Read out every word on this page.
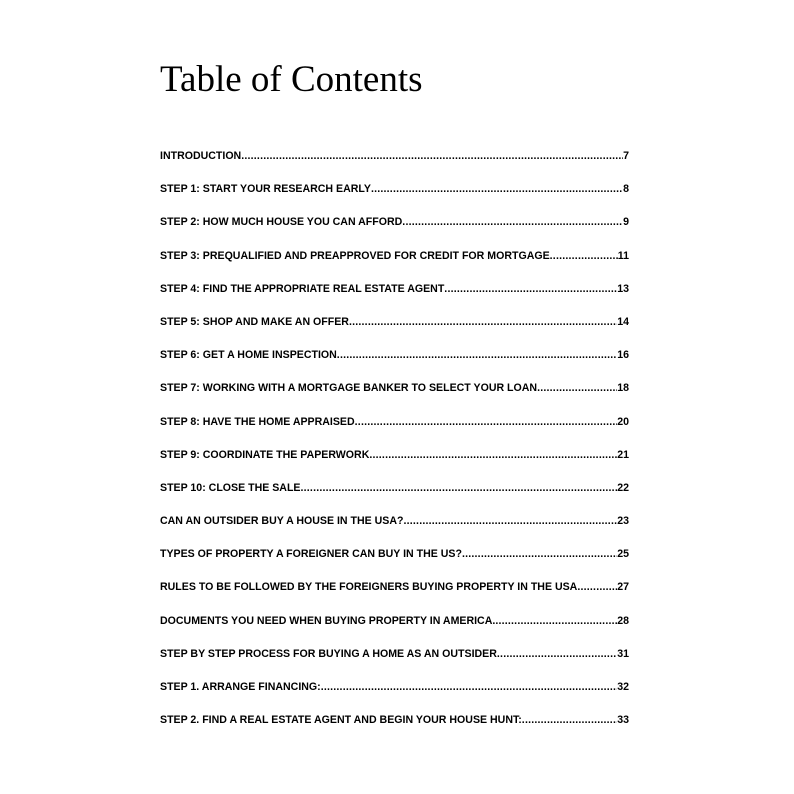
Table of Contents
INTRODUCTION .....	7
STEP 1: START YOUR RESEARCH EARLY .....	8
STEP 2: HOW MUCH HOUSE YOU CAN AFFORD .....	9
STEP 3: PREQUALIFIED AND PREAPPROVED FOR CREDIT FOR MORTGAGE .....	11
STEP 4: FIND THE APPROPRIATE REAL ESTATE AGENT .....	13
STEP 5: SHOP AND MAKE AN OFFER .....	14
STEP 6: GET A HOME INSPECTION .....	16
STEP 7: WORKING WITH A MORTGAGE BANKER TO SELECT YOUR LOAN .....	18
STEP 8: HAVE THE HOME APPRAISED .....	20
STEP 9: COORDINATE THE PAPERWORK .....	21
STEP 10: CLOSE THE SALE .....	22
CAN AN OUTSIDER BUY A HOUSE IN THE USA? .....	23
TYPES OF PROPERTY A FOREIGNER CAN BUY IN THE US? .....	25
RULES TO BE FOLLOWED BY THE FOREIGNERS BUYING PROPERTY IN THE USA .....	27
DOCUMENTS YOU NEED WHEN BUYING PROPERTY IN AMERICA. .....	28
STEP BY STEP PROCESS FOR BUYING A HOME AS AN OUTSIDER .....	31
STEP 1. ARRANGE FINANCING: .....	32
STEP 2. FIND A REAL ESTATE AGENT AND BEGIN YOUR HOUSE HUNT: .....	33
